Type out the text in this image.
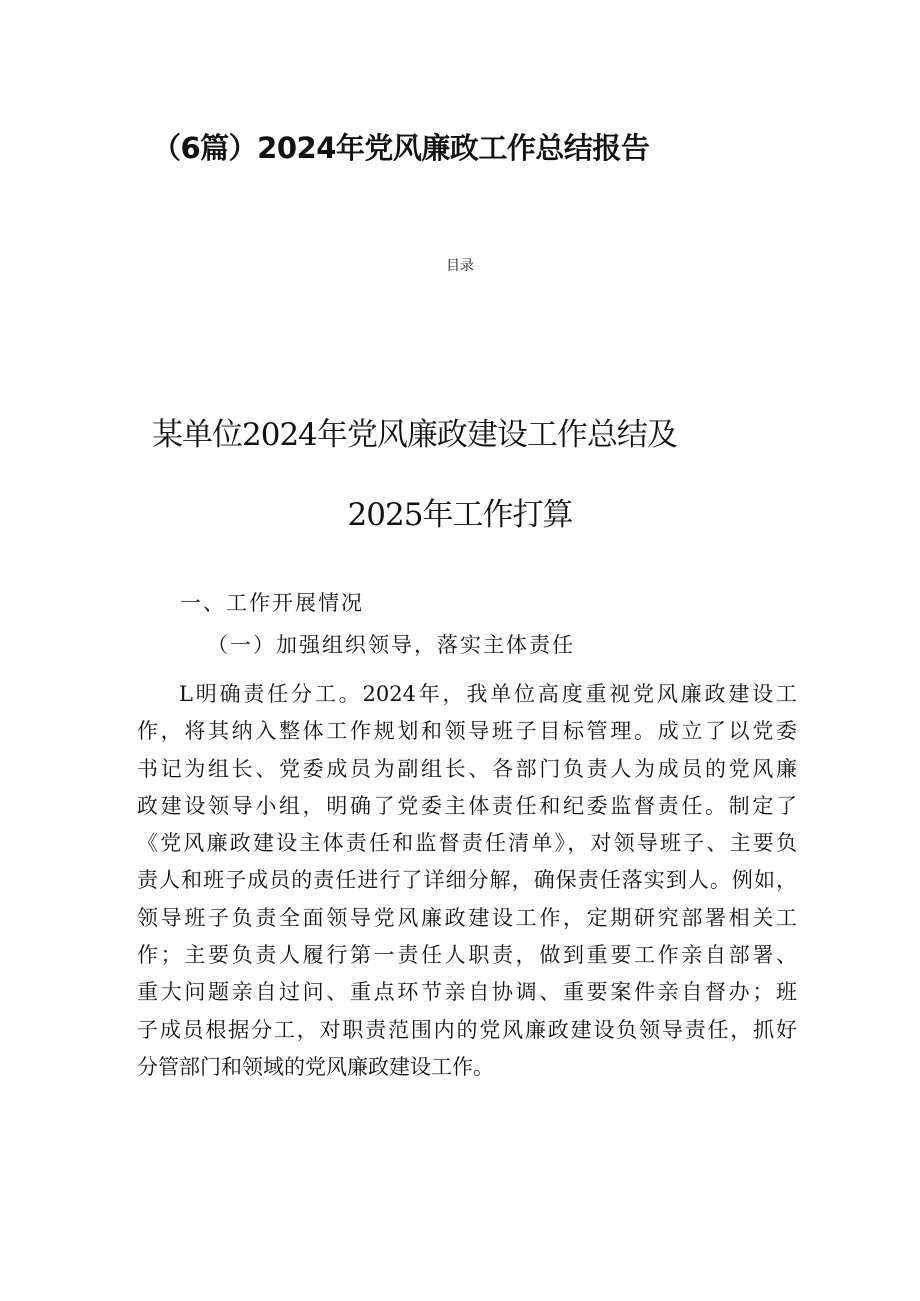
（6篇）2024年党风廉政工作总结报告
目录
某单位2024年党风廉政建设工作总结及
2025年工作打算
一、工作开展情况
（一）加强组织领导，落实主体责任
L明确责任分工。2024年，我单位高度重视党风廉政建设工
作，将其纳入整体工作规划和领导班子目标管理。成立了以党委
书记为组长、党委成员为副组长、各部门负责人为成员的党风廉
政建设领导小组，明确了党委主体责任和纪委监督责任。制定了
《党风廉政建设主体责任和监督责任清单》，对领导班子、主要负
责人和班子成员的责任进行了详细分解，确保责任落实到人。例如，
领导班子负责全面领导党风廉政建设工作，定期研究部署相关工
作；主要负责人履行第一责任人职责，做到重要工作亲自部署、
重大问题亲自过问、重点环节亲自协调、重要案件亲自督办；班
子成员根据分工，对职责范围内的党风廉政建设负领导责任，抓好
分管部门和领域的党风廉政建设工作。
